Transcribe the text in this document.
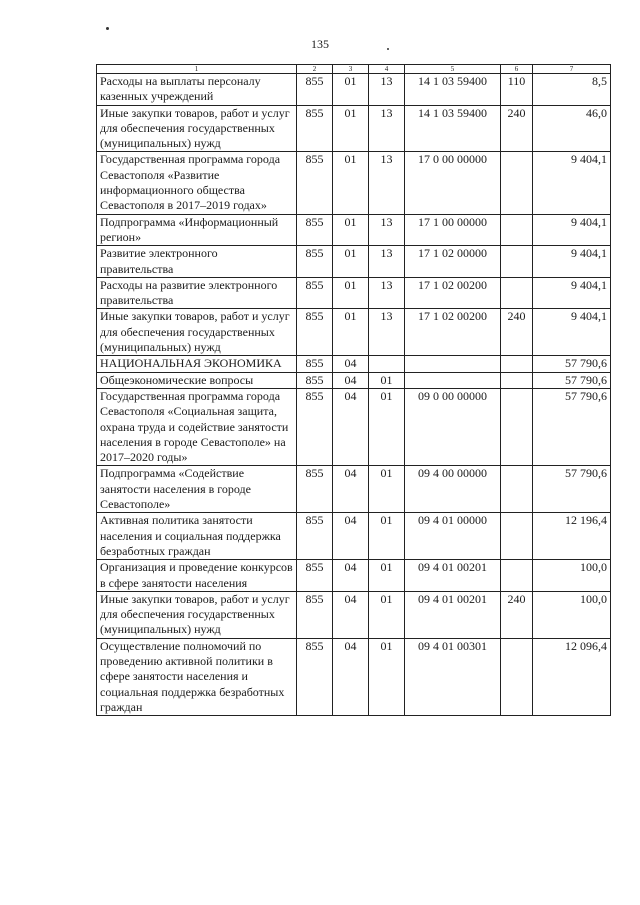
135
1	2	3	4	5	6	7
Расходы на выплаты персоналу казенных учреждений	855	01	13	14 1 03 59400	110	8,5
Иные закупки товаров, работ и услуг для обеспечения государственных (муниципальных) нужд	855	01	13	14 1 03 59400	240	46,0
Государственная программа города Севастополя «Развитие информационного общества Севастополя в 2017–2019 годах»	855	01	13	17 0 00 00000		9 404,1
Подпрограмма «Информационный регион»	855	01	13	17 1 00 00000		9 404,1
Развитие электронного правительства	855	01	13	17 1 02 00000		9 404,1
Расходы на развитие электронного правительства	855	01	13	17 1 02 00200		9 404,1
Иные закупки товаров, работ и услуг для обеспечения государственных (муниципальных) нужд	855	01	13	17 1 02 00200	240	9 404,1
НАЦИОНАЛЬНАЯ ЭКОНОМИКА	855	04				57 790,6
Общеэкономические вопросы	855	04	01			57 790,6
Государственная программа города Севастополя «Социальная защита, охрана труда и содействие занятости населения в городе Севастополе» на 2017–2020 годы»	855	04	01	09 0 00 00000		57 790,6
Подпрограмма «Содействие занятости населения в городе Севастополе»	855	04	01	09 4 00 00000		57 790,6
Активная политика занятости населения и социальная поддержка безработных граждан	855	04	01	09 4 01 00000		12 196,4
Организация и проведение конкурсов в сфере занятости населения	855	04	01	09 4 01 00201		100,0
Иные закупки товаров, работ и услуг для обеспечения государственных (муниципальных) нужд	855	04	01	09 4 01 00201	240	100,0
Осуществление полномочий по проведению активной политики в сфере занятости населения и социальная поддержка безработных граждан	855	04	01	09 4 01 00301		12 096,4
